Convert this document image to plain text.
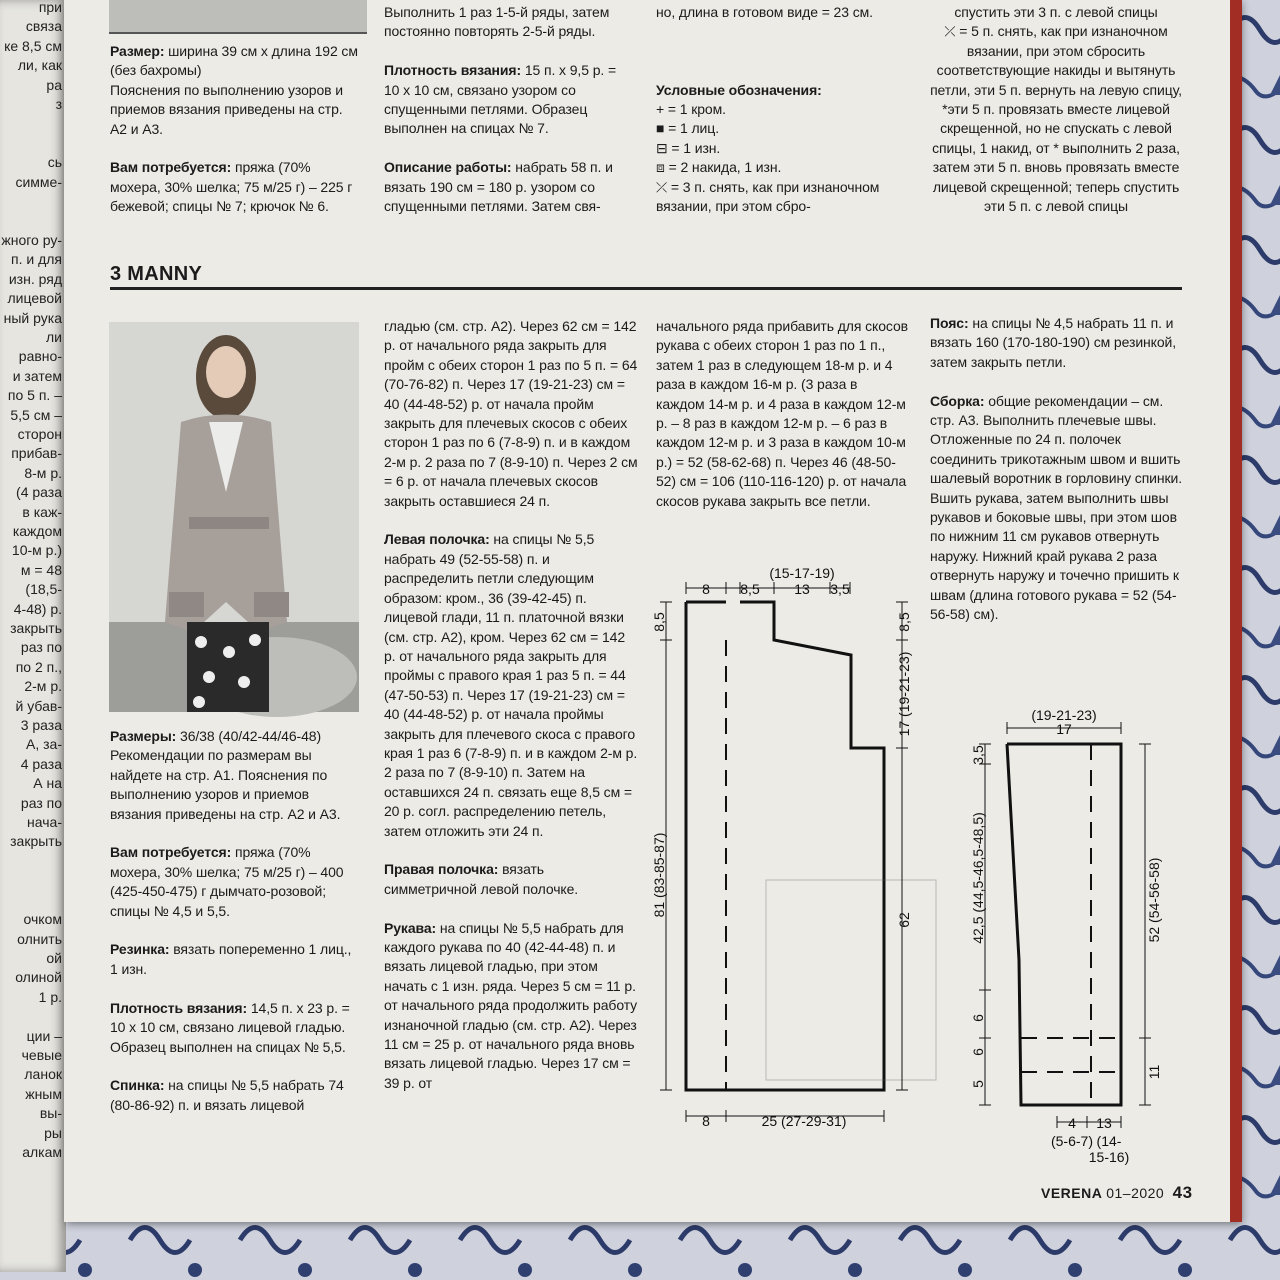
при связа
ке 8,5 см
ли, как ра
з

сь симме-

жного ру-
п. и для
изн. ряд
лицевой
ный рука
ли равно-
и затем
по 5 п. –
5,5 см –
сторон
прибав-
8-м р.
(4 раза
в каж-
каждом
10-м р.)
м = 48
(18,5-
4-48) р.
закрыть
раз по
по 2 п.,
2-м р.
й убав-
3 раза
А, за-
4 раза
А на
раз по
нача-
закрыть

очком
олнить
ой
олиной
1 р.

ции –
чевые
ланок
жным
вы-
ры
алкам
Размер: ширина 39 см х длина 192 см (без бахромы)
Пояснения по выполнению узоров и приемов вязания приведены на стр. А2 и А3.

Вам потребуется: пряжа (70% мохера, 30% шелка; 75 м/25 г) – 225 г бежевой; спицы № 7; крючок № 6.
Выполнить 1 раз 1-5-й ряды, затем постоянно повторять 2-5-й ряды.

Плотность вязания: 15 п. х 9,5 р. = 10 х 10 см, связано узором со спущенными петлями. Образец выполнен на спицах № 7.

Описание работы: набрать 58 п. и вязать 190 см = 180 р. узором со спущенными петлями. Затем свя-
но, длина в готовом виде = 23 см.

Условные обозначения:
+ = 1 кром.
■ = 1 лиц.
⊟ = 1 изн.
⧈ = 2 накида, 1 изн.
⤫ = 3 п. снять, как при изнаночном вязании, при этом сбро-
спустить эти 3 п. с левой спицы
⤫ = 5 п. снять, как при изнаночном вязании, при этом сбросить соответствующие накиды и вытянуть петли, эти 5 п. вернуть на левую спицу, *эти 5 п. провязать вместе лицевой скрещенной, но не спускать с левой спицы, 1 накид, от * выполнить 2 раза, затем эти 5 п. вновь провязать вместе лицевой скрещенной; теперь спустить эти 5 п. с левой спицы
3 MANNY
Размеры: 36/38 (40/42-44/46-48)
Рекомендации по размерам вы найдете на стр. А1. Пояснения по выполнению узоров и приемов вязания приведены на стр. А2 и А3.

Вам потребуется: пряжа (70% мохера, 30% шелка; 75 м/25 г) – 400 (425-450-475) г дымчато-розовой; спицы № 4,5 и 5,5.

Резинка: вязать попеременно 1 лиц., 1 изн.

Плотность вязания: 14,5 п. х 23 р. = 10 х 10 см, связано лицевой гладью. Образец выполнен на спицах № 5,5.

Спинка: на спицы № 5,5 набрать 74 (80-86-92) п. и вязать лицевой
гладью (см. стр. А2). Через 62 см = 142 р. от начального ряда закрыть для пройм с обеих сторон 1 раз по 5 п. = 64 (70-76-82) п. Через 17 (19-21-23) см = 40 (44-48-52) р. от начала пройм закрыть для плечевых скосов с обеих сторон 1 раз по 6 (7-8-9) п. и в каждом 2-м р. 2 раза по 7 (8-9-10) п. Через 2 см = 6 р. от начала плечевых скосов закрыть оставшиеся 24 п.

Левая полочка: на спицы № 5,5 набрать 49 (52-55-58) п. и распределить петли следующим образом: кром., 36 (39-42-45) п. лицевой глади, 11 п. платочной вязки (см. стр. А2), кром. Через 62 см = 142 р. от начального ряда закрыть для проймы с правого края 1 раз 5 п. = 44 (47-50-53) п. Через 17 (19-21-23) см = 40 (44-48-52) р. от начала проймы закрыть для плечевого скоса с правого края 1 раз 6 (7-8-9) п. и в каждом 2-м р. 2 раза по 7 (8-9-10) п. Затем на оставшихся 24 п. связать еще 8,5 см = 20 р. согл. распределению петель, затем отложить эти 24 п.

Правая полочка: вязать симметричной левой полочке.

Рукава: на спицы № 5,5 набрать для каждого рукава по 40 (42-44-48) п. и вязать лицевой гладью, при этом начать с 1 изн. ряда. Через 5 см = 11 р. от начального ряда продолжить работу изнаночной гладью (см. стр. А2). Через 11 см = 25 р. от начального ряда вновь вязать лицевой гладью. Через 17 см = 39 р. от
начального ряда прибавить для скосов рукава с обеих сторон 1 раз по 1 п., затем 1 раз в следующем 18-м р. и 4 раза в каждом 16-м р. (3 раза в каждом 14-м р. и 4 раза в каждом 12-м р. – 8 раз в каждом 12-м р. – 6 раз в каждом 12-м р. и 3 раза в каждом 10-м р.) = 52 (58-62-68) п. Через 46 (48-50-52) см = 106 (110-116-120) р. от начала скосов рукава закрыть все петли.
Пояс: на спицы № 4,5 набрать 11 п. и вязать 160 (170-180-190) см резинкой, затем закрыть петли.

Сборка: общие рекомендации – см. стр. А3. Выполнить плечевые швы. Отложенные по 24 п. полочек соединить трикотажным швом и вшить шалевый воротник в горловину спинки. Вшить рукава, затем выполнить швы рукавов и боковые швы, при этом шов по нижним 11 см рукавов отвернуть наружу. Нижний край рукава 2 раза отвернуть наружу и точечно пришить к швам (длина готового рукава = 52 (54-56-58) см).
8 8,5
(15-17-19)
13 3,5
8,5
81 (83-85-87)
8,5
17 (19-21-23)
62
8	25 (27-29-31)
(19-21-23)
17
3,5
42,5 (44,5-46,5-48,5)
6
5
6
52 (54-56-58)
11
4
(5-6-7)
13
(14-15-16)
VERENA 01–2020 43
